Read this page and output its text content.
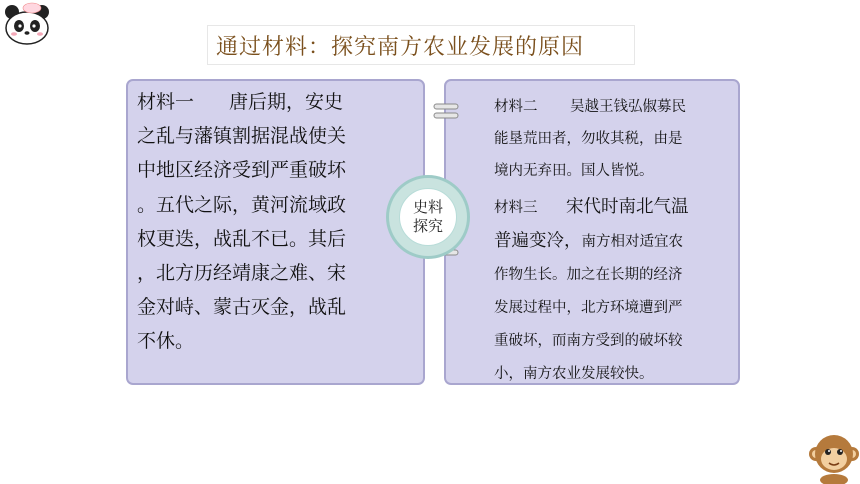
通过材料：探究南方农业发展的原因

材料一 唐后期，安史

之乱与藩镇割据混战使关

中地区经济受到严重破坏

。五代之际，黄河流域政

权更迭，战乱不已。其后

，北方历经靖康之难、宋

金对峙、蒙古灭金，战乱

不休。

材料二 吴越王钱弘俶募民
能垦荒田者，勿收其税，由是
境内无弃田。国人皆悦。
材料三 宋代时南北气温
普遍变冷，南方相对适宜农
作物生长。加之在长期的经济
发展过程中，北方环境遭到严
重破坏，而南方受到的破坏较
小，南方农业发展较快。
史料
探究
